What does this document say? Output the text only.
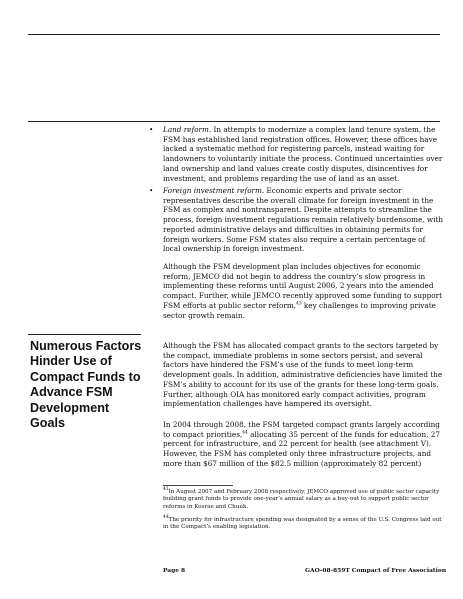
• Land reform. In attempts to modernize a complex land tenure system, the FSM has established land registration offices. However, these offices have lacked a systematic method for registering parcels, instead waiting for landowners to voluntarily initiate the process. Continued uncertainties over land ownership and land values create costly disputes, disincentives for investment, and problems regarding the use of land as an asset.
• Foreign investment reform. Economic experts and private sector representatives describe the overall climate for foreign investment in the FSM as complex and nontransparent. Despite attempts to streamline the process, foreign investment regulations remain relatively burdensome, with reported administrative delays and difficulties in obtaining permits for foreign workers. Some FSM states also require a certain percentage of local ownership in foreign investment.

Although the FSM development plan includes objectives for economic reform, JEMCO did not begin to address the country’s slow progress in implementing these reforms until August 2006, 2 years into the amended compact. Further, while JEMCO recently approved some funding to support FSM efforts at public sector reform,$^{43}$ key challenges to improving private sector growth remain.

Numerous Factors Hinder Use of Compact Funds to Advance FSM Development Goals

Although the FSM has allocated compact grants to the sectors targeted by the compact, immediate problems in some sectors persist, and several factors have hindered the FSM’s use of the funds to meet long-term development goals. In addition, administrative deficiencies have limited the FSM’s ability to account for its use of the grants for these long-term goals. Further, although OIA has monitored early compact activities, program implementation challenges have hampered its oversight.

In 2004 through 2008, the FSM targeted compact grants largely according to compact priorities,$^{44}$ allocating 35 percent of the funds for education, 27 percent for infrastructure, and 22 percent for health (see attachment V). However, the FSM has completed only three infrastructure projects, and more than $67 million of the $82.5 million (approximately 82 percent)

$^{43}$In August 2007 and February 2008 respectively, JEMCO approved use of public sector capacity building grant funds to provide one-year’s annual salary as a buy-out to support public sector reforms in Kosrae and Chuuk.

$^{44}$The priority for infrastructure spending was designated by a sense of the U.S. Congress laid out in the Compact’s enabling legislation.

Page 8	GAO-08-859T Compact of Free Association
